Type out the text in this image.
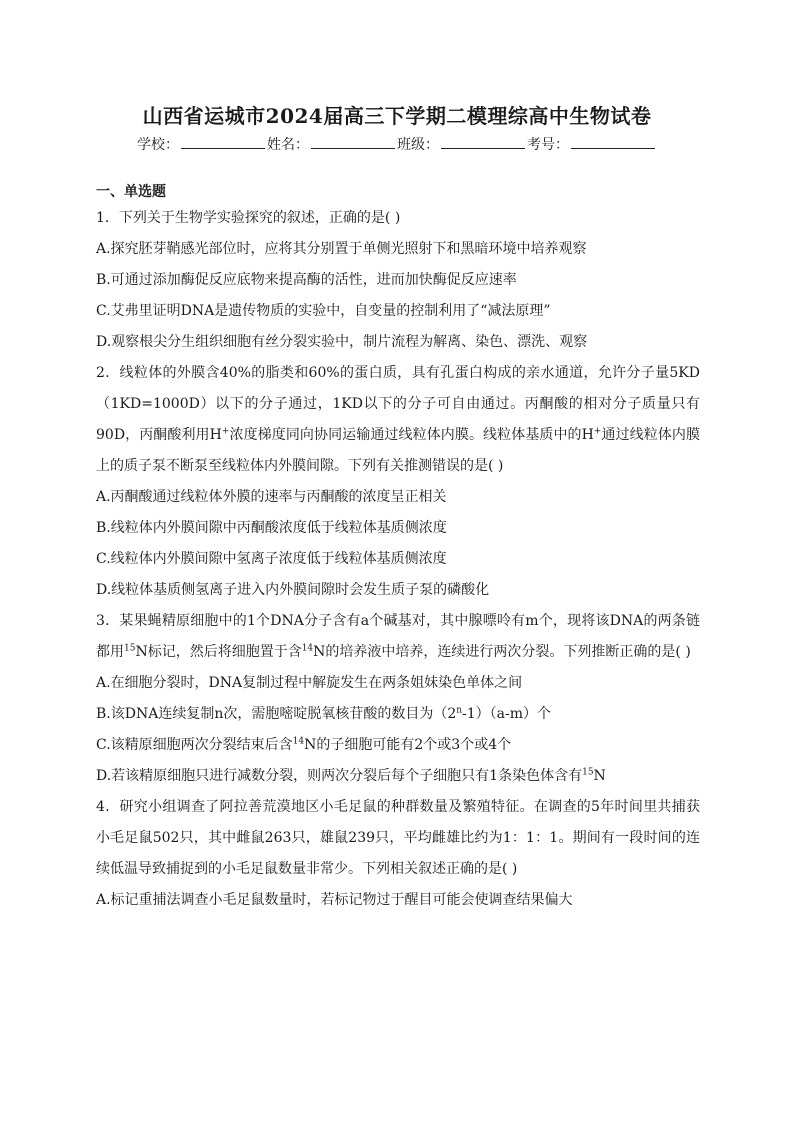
山西省运城市2024届高三下学期二模理综高中生物试卷
学校：	姓名：	班级：	考号：
一、单选题

1．下列关于生物学实验探究的叙述，正确的是( )

A.探究胚芽鞘感光部位时，应将其分别置于单侧光照射下和黑暗环境中培养观察

B.可通过添加酶促反应底物来提高酶的活性，进而加快酶促反应速率

C.艾弗里证明DNA是遗传物质的实验中，自变量的控制利用了“减法原理”

D.观察根尖分生组织细胞有丝分裂实验中，制片流程为解离、染色、漂洗、观察

2．线粒体的外膜含40%的脂类和60%的蛋白质，具有孔蛋白构成的亲水通道，允许分子量5KD（1KD=1000D）以下的分子通过，1KD以下的分子可自由通过。丙酮酸的相对分子质量只有90D，丙酮酸利用H+浓度梯度同向协同运输通过线粒体内膜。线粒体基质中的H+通过线粒体内膜上的质子泵不断泵至线粒体内外膜间隙。下列有关推测错误的是( )

A.丙酮酸通过线粒体外膜的速率与丙酮酸的浓度呈正相关

B.线粒体内外膜间隙中丙酮酸浓度低于线粒体基质侧浓度

C.线粒体内外膜间隙中氢离子浓度低于线粒体基质侧浓度

D.线粒体基质侧氢离子进入内外膜间隙时会发生质子泵的磷酸化

3．某果蝇精原细胞中的1个DNA分子含有a个碱基对，其中腺嘌呤有m个，现将该DNA的两条链都用$^{15}$N标记，然后将细胞置于含$^{14}$N的培养液中培养，连续进行两次分裂。下列推断正确的是( )

A.在细胞分裂时，DNA复制过程中解旋发生在两条姐妹染色单体之间

B.该DNA连续复制n次，需胞嘧啶脱氧核苷酸的数目为（2$^n$-1）（a-m）个

C.该精原细胞两次分裂结束后含$^{14}$N的子细胞可能有2个或3个或4个

D.若该精原细胞只进行减数分裂，则两次分裂后每个子细胞只有1条染色体含有$^{15}$N

4．研究小组调查了阿拉善荒漠地区小毛足鼠的种群数量及繁殖特征。在调查的5年时间里共捕获小毛足鼠502只，其中雌鼠263只，雄鼠239只，平均雌雄比约为1：1：1。期间有一段时间的连续低温导致捕捉到的小毛足鼠数量非常少。下列相关叙述正确的是( )

A.标记重捕法调查小毛足鼠数量时，若标记物过于醒目可能会使调查结果偏大
